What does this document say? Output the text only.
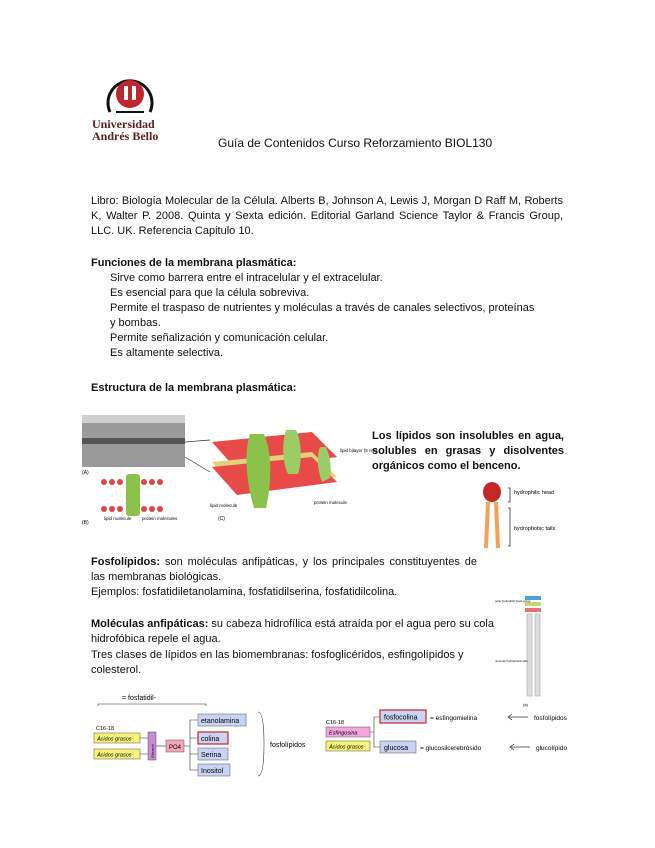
Universidad
Andrés Bello	Guía de Contenidos Curso Reforzamiento BIOL130
Libro: Biología Molecular de la Célula. Alberts B, Johnson A, Lewis J, Morgan D Raff M, Roberts K, Walter P. 2008. Quinta y Sexta edición. Editorial Garland Science Taylor & Francis Group, LLC. UK. Referencia Capitulo 10.
Funciones de la membrana plasmática:
Sirve como barrera entre el intracelular y el extracelular.
Es esencial para que la célula sobreviva.
Permite el traspaso de nutrientes y moléculas a través de canales selectivos, proteínas
y bombas.
Permite señalización y comunicación celular.
Es altamente selectiva.
Estructura de la membrana plasmática:
(A)
(B)
lipid molecule protein molecules
lipid bilayer (5 nm)
lipid molecule
protein molecule
(C)
Los lípidos son insolubles en agua, solubles en grasas y disolventes orgánicos como el benceno.
hydrophilic head
hydrophobic tails
Fosfolípidos: son moléculas anfipáticas, y los principales constituyentes de las membranas biológicas.
Ejemplos: fosfatidiletanolamina, fosfatidilserina, fosfatidilcolina.
Moléculas anfipáticas: su cabeza hidrofílica está atraída por el agua pero su cola hidrofóbica repele el agua.
Tres clases de lípidos en las biomembranas: fosfoglicéridos, esfingolípidos y colesterol.
polar hydrophilic head group
nonpolar hydrophobic tails
(a)
= fosfatidil-
C16-18
Ácidos grasos
Ácidos grasos	Glicerol PO4
etanolamina
colina
Serina
Inositol
fosfolípidos
C16-18
Esfingosina
Ácidos grasos
fosfocolina = esfingomielina	fosfolípidos
glucosa = glucosilcerebrósido	glucolípido
